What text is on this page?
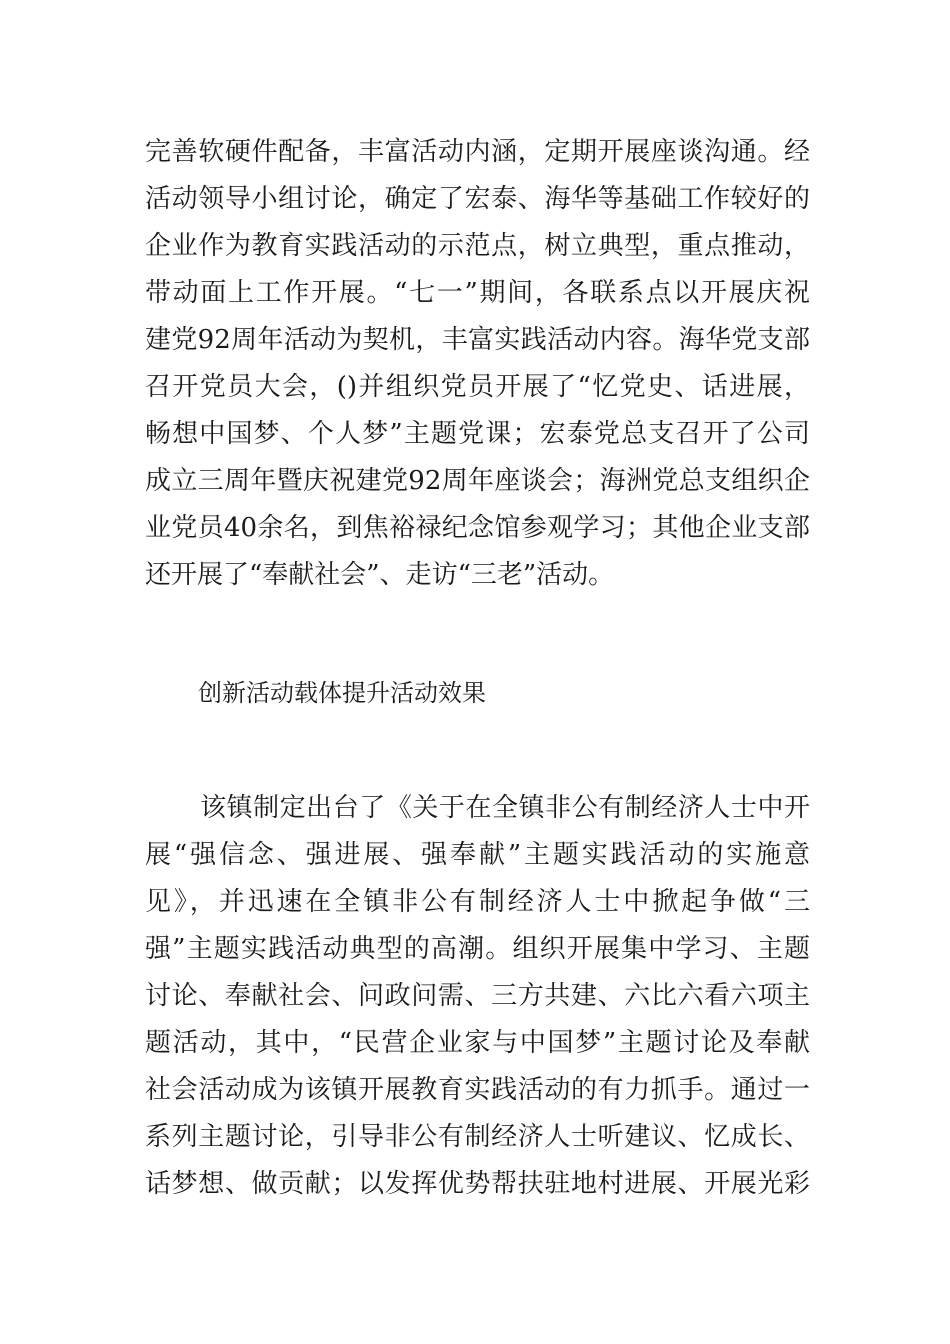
完善软硬件配备，丰富活动内涵，定期开展座谈沟通。经
活动领导小组讨论，确定了宏泰、海华等基础工作较好的
企业作为教育实践活动的示范点，树立典型，重点推动，
带动面上工作开展。“七一”期间，各联系点以开展庆祝
建党92周年活动为契机，丰富实践活动内容。海华党支部
召开党员大会，()并组织党员开展了“忆党史、话进展，
畅想中国梦、个人梦”主题党课；宏泰党总支召开了公司
成立三周年暨庆祝建党92周年座谈会；海洲党总支组织企
业党员40余名，到焦裕禄纪念馆参观学习；其他企业支部
还开展了“奉献社会”、走访“三老”活动。
创新活动载体提升活动效果
该镇制定出台了《关于在全镇非公有制经济人士中开
展“强信念、强进展、强奉献”主题实践活动的实施意
见》，并迅速在全镇非公有制经济人士中掀起争做“三
强”主题实践活动典型的高潮。组织开展集中学习、主题
讨论、奉献社会、问政问需、三方共建、六比六看六项主
题活动，其中，“民营企业家与中国梦”主题讨论及奉献
社会活动成为该镇开展教育实践活动的有力抓手。通过一
系列主题讨论，引导非公有制经济人士听建议、忆成长、
话梦想、做贡献；以发挥优势帮扶驻地村进展、开展光彩
